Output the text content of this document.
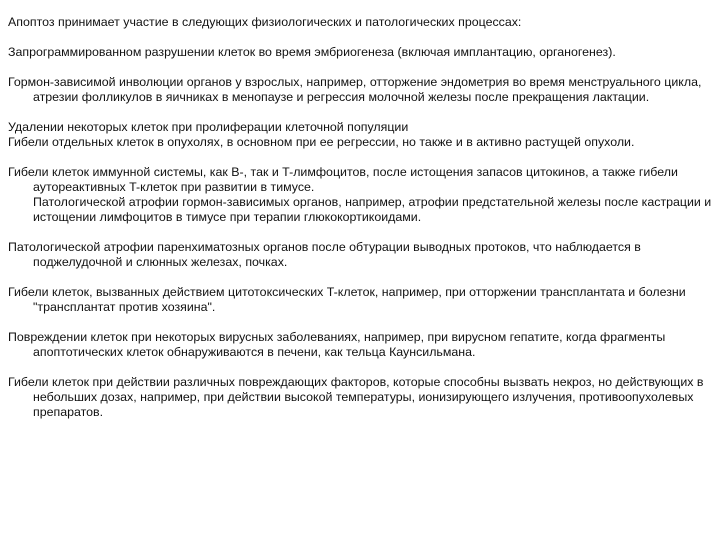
Апоптоз принимает участие в следующих физиологических и патологических процессах:

Запрограммированном разрушении клеток во время эмбриогенеза (включая имплантацию, органогенез).

Гормон-зависимой инволюции органов у взрослых, например, отторжение эндометрия во время менструального цикла, атрезии фолликулов в яичниках в менопаузе и регрессия молочной железы после прекращения лактации.

Удалении некоторых клеток при пролиферации клеточной популяции

Гибели отдельных клеток в опухолях, в основном при ее регрессии, но также и в активно растущей опухоли.

Гибели клеток иммунной системы, как B-, так и T-лимфоцитов, после истощения запасов цитокинов, а также гибели аутореактивных T-клеток при развитии в тимусе.

Патологической атрофии гормон-зависимых органов, например, атрофии предстательной железы после кастрации и истощении лимфоцитов в тимусе при терапии глюкокортикоидами.

Патологической атрофии паренхиматозных органов после обтурации выводных протоков, что наблюдается в поджелудочной и слюнных железах, почках.

Гибели клеток, вызванных действием цитотоксических T-клеток, например, при отторжении трансплантата и болезни "трансплантат против хозяина".

Повреждении клеток при некоторых вирусных заболеваниях, например, при вирусном гепатите, когда фрагменты апоптотических клеток обнаруживаются в печени, как тельца Каунсильмана.

Гибели клеток при действии различных повреждающих факторов, которые способны вызвать некроз, но действующих в небольших дозах, например, при действии высокой температуры, ионизирующего излучения, противоопухолевых препаратов.
